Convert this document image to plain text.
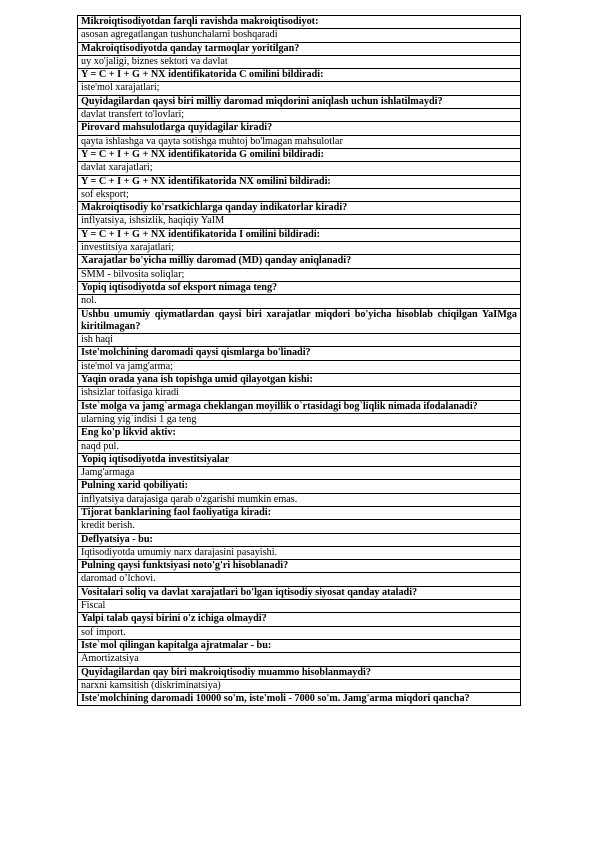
Mikroiqtisodiyotdan farqli ravishda makroiqtisodiyot:
asosan agregatlangan tushunchalarni boshqaradi
Makroiqtisodiyotda qanday tarmoqlar yoritilgan?
uy xo'jaligi, biznes sektori va davlat
Y = C + I + G + NX identifikatorida C omilini bildiradi:
iste'mol xarajatlari;
Quyidagilardan qaysi biri milliy daromad miqdorini aniqlash uchun ishlatilmaydi?
davlat transfert to'lovlari;
Pirovard mahsulotlarga quyidagilar kiradi?
qayta ishlashga va qayta sotishga muhtoj bo'lmagan mahsulotlar
Y = C + I + G + NX identifikatorida G omilini bildiradi:
davlat xarajatlari;
Y = C + I + G + NX identifikatorida NX omilini bildiradi:
sof eksport;
Makroiqtisodiy ko'rsatkichlarga qanday indikatorlar kiradi?
inflyatsiya, ishsizlik, haqiqiy YaIM
Y = C + I + G + NX identifikatorida I omilini bildiradi:
investitsiya xarajatlari;
Xarajatlar bo'yicha milliy daromad (MD) qanday aniqlanadi?
SMM - bilvosita soliqlar;
Yopiq iqtisodiyotda sof eksport nimaga teng?
nol.
Ushbu umumiy qiymatlardan qaysi biri xarajatlar miqdori bo'yicha hisoblab chiqilgan YaIMga kiritilmagan?
ish haqi
Iste'molchining daromadi qaysi qismlarga bo'linadi?
iste'mol va jamg'arma;
Yaqin orada yana ish topishga umid qilayotgan kishi:
ishsizlar toifasiga kiradi
Iste`molga va jamg`armaga cheklangan moyillik o`rtasidagi bog`liqlik nimada ifodalanadi?
ularning yig`indisi 1 ga teng
Eng ko'p likvid aktiv:
naqd pul.
Yopiq iqtisodiyotda investitsiyalar
Jamg'armaga
Pulning xarid qobiliyati:
inflyatsiya darajasiga qarab o'zgarishi mumkin emas.
Tijorat banklarining faol faoliyatiga kiradi:
kredit berish.
Deflyatsiya - bu:
Iqtisodiyotda umumiy narx darajasini pasayishi.
Pulning qaysi funktsiyasi noto'g'ri hisoblanadi?
daromad o’lchovi.
Vositalari soliq va davlat xarajatlari bo'lgan iqtisodiy siyosat qanday ataladi?
Fiscal
Yalpi talab qaysi birini o'z ichiga olmaydi?
sof import.
Iste`mol qilingan kapitalga ajratmalar - bu:
Amortizatsiya
Quyidagilardan qay biri makroiqtisodiy muammo hisoblanmaydi?
narxni kamsitish (diskriminatsiya)
Iste'molchining daromadi 10000 so'm, iste'moli - 7000 so'm. Jamg'arma miqdori qancha?
